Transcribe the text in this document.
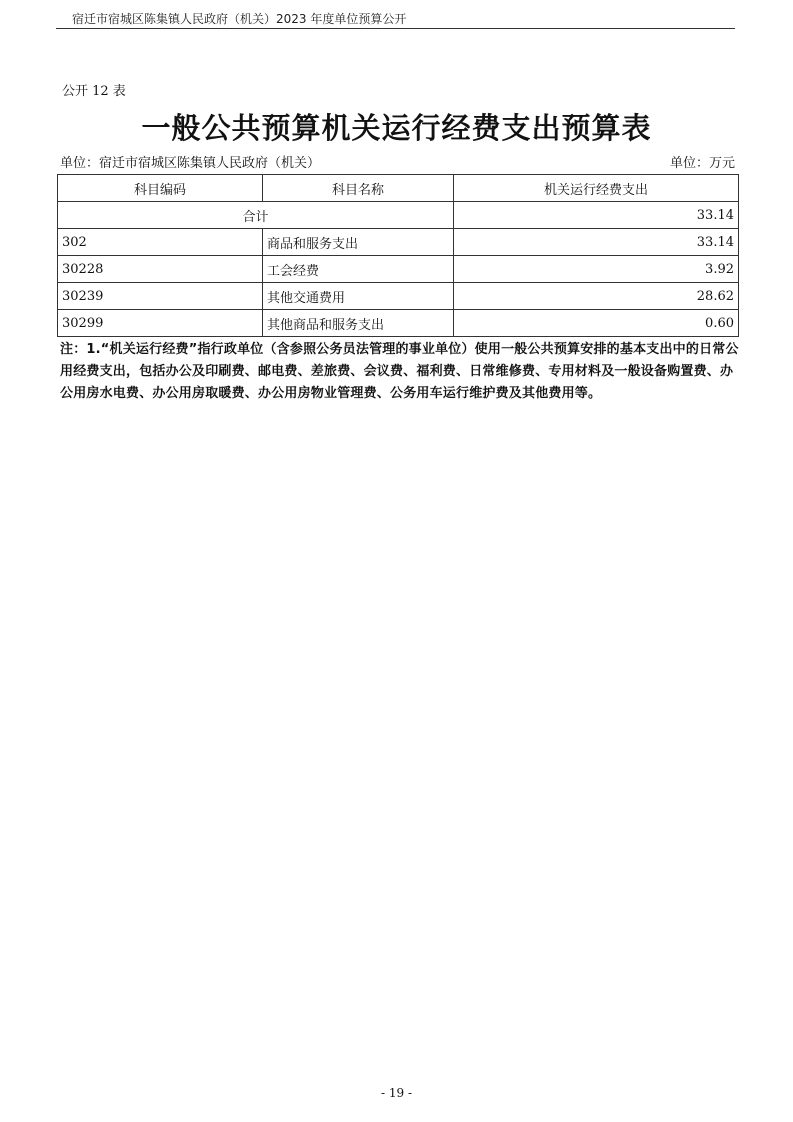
宿迁市宿城区陈集镇人民政府（机关）2023 年度单位预算公开
公开 12 表
一般公共预算机关运行经费支出预算表
单位：宿迁市宿城区陈集镇人民政府（机关）	单位：万元
科目编码	科目名称	机关运行经费支出
合计		33.14
302	商品和服务支出	33.14
30228	工会经费	3.92
30239	其他交通费用	28.62
30299	其他商品和服务支出	0.60
注：1.“机关运行经费”指行政单位（含参照公务员法管理的事业单位）使用一般公共预算安排的基本支出中的日常公用经费支出，包括办公及印刷费、邮电费、差旅费、会议费、福利费、日常维修费、专用材料及一般设备购置费、办公用房水电费、办公用房取暖费、办公用房物业管理费、公务用车运行维护费及其他费用等。
- 19 -
